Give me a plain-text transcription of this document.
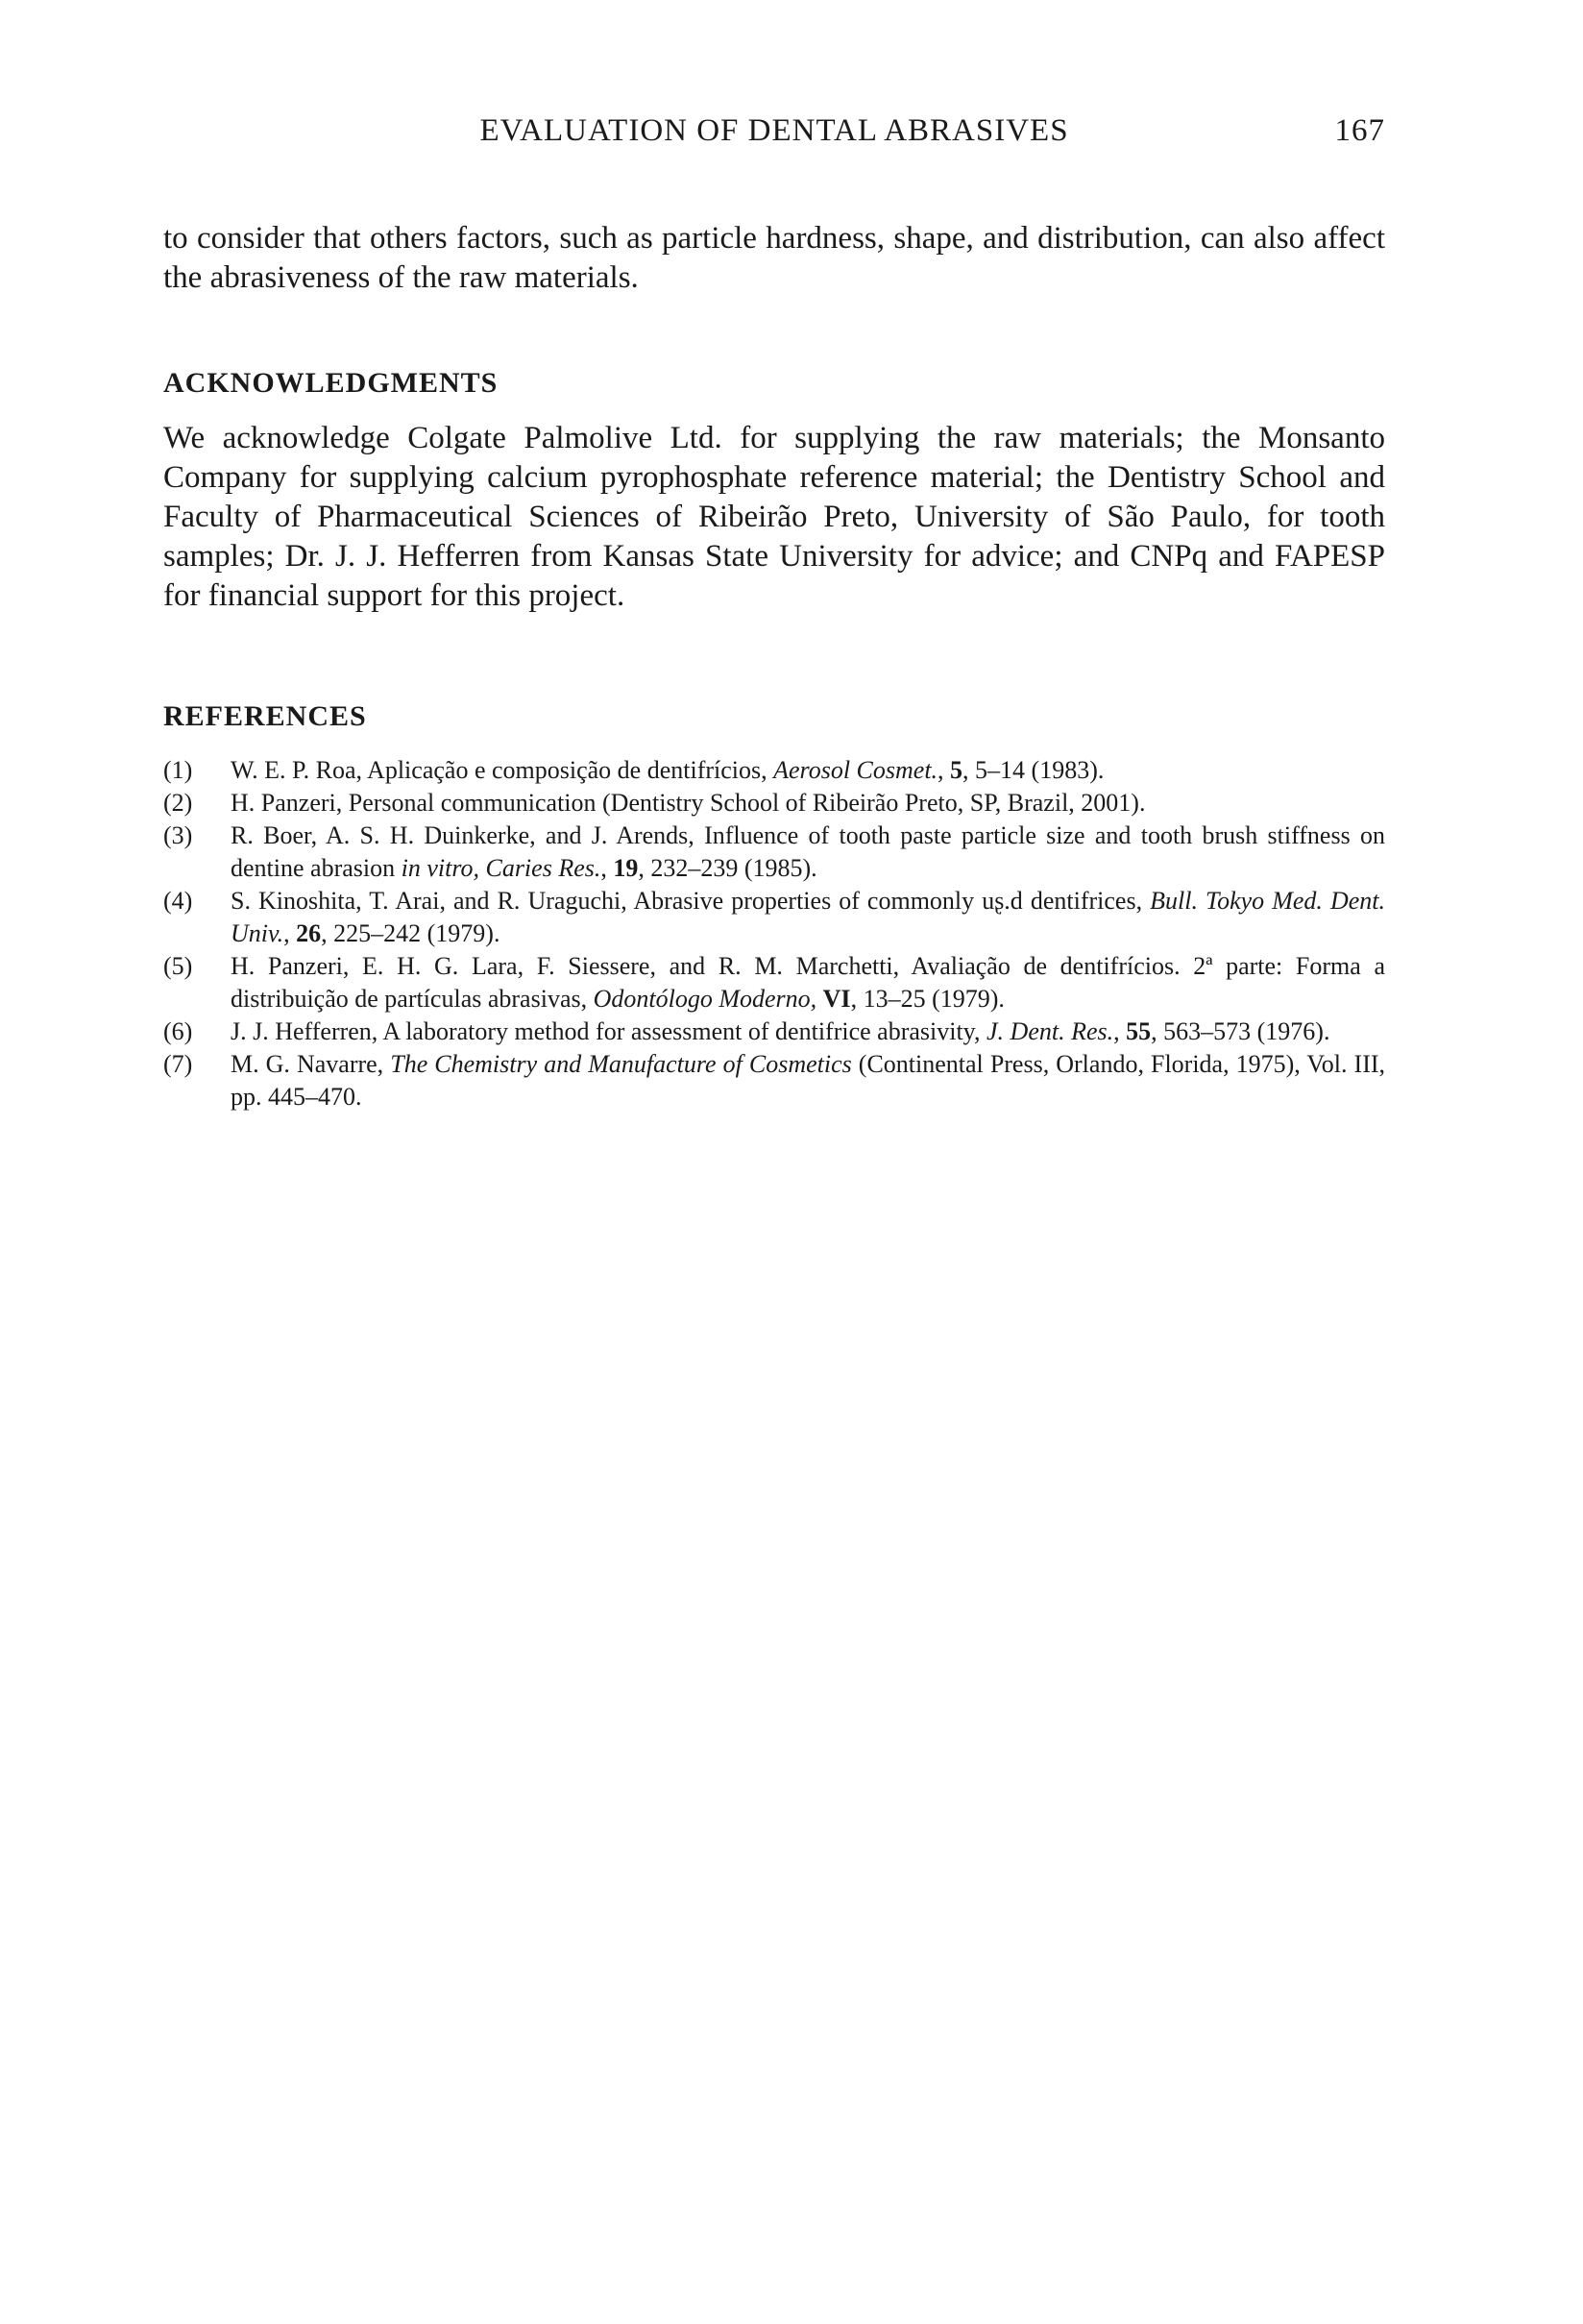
EVALUATION OF DENTAL ABRASIVES	167

to consider that others factors, such as particle hardness, shape, and distribution, can also affect the abrasiveness of the raw materials.

ACKNOWLEDGMENTS

We acknowledge Colgate Palmolive Ltd. for supplying the raw materials; the Monsanto Company for supplying calcium pyrophosphate reference material; the Dentistry School and Faculty of Pharmaceutical Sciences of Ribeirão Preto, University of São Paulo, for tooth samples; Dr. J. J. Hefferren from Kansas State University for advice; and CNPq and FAPESP for financial support for this project.

REFERENCES
(1) W. E. P. Roa, Aplicação e composição de dentifrícios, Aerosol Cosmet., 5, 5–14 (1983).
(2) H. Panzeri, Personal communication (Dentistry School of Ribeirão Preto, SP, Brazil, 2001).
(3) R. Boer, A. S. H. Duinkerke, and J. Arends, Influence of tooth paste particle size and tooth brush stiffness on dentine abrasion in vitro, Caries Res., 19, 232–239 (1985).
(4) S. Kinoshita, T. Arai, and R. Uraguchi, Abrasive properties of commonly uʂ.d dentifrices, Bull. Tokyo Med. Dent. Univ., 26, 225–242 (1979).
(5) H. Panzeri, E. H. G. Lara, F. Siessere, and R. M. Marchetti, Avaliação de dentifrícios. 2ª parte: Forma a distribuição de partículas abrasivas, Odontólogo Moderno, VI, 13–25 (1979).
(6) J. J. Hefferren, A laboratory method for assessment of dentifrice abrasivity, J. Dent. Res., 55, 563–573 (1976).
(7) M. G. Navarre, The Chemistry and Manufacture of Cosmetics (Continental Press, Orlando, Florida, 1975), Vol. III, pp. 445–470.
